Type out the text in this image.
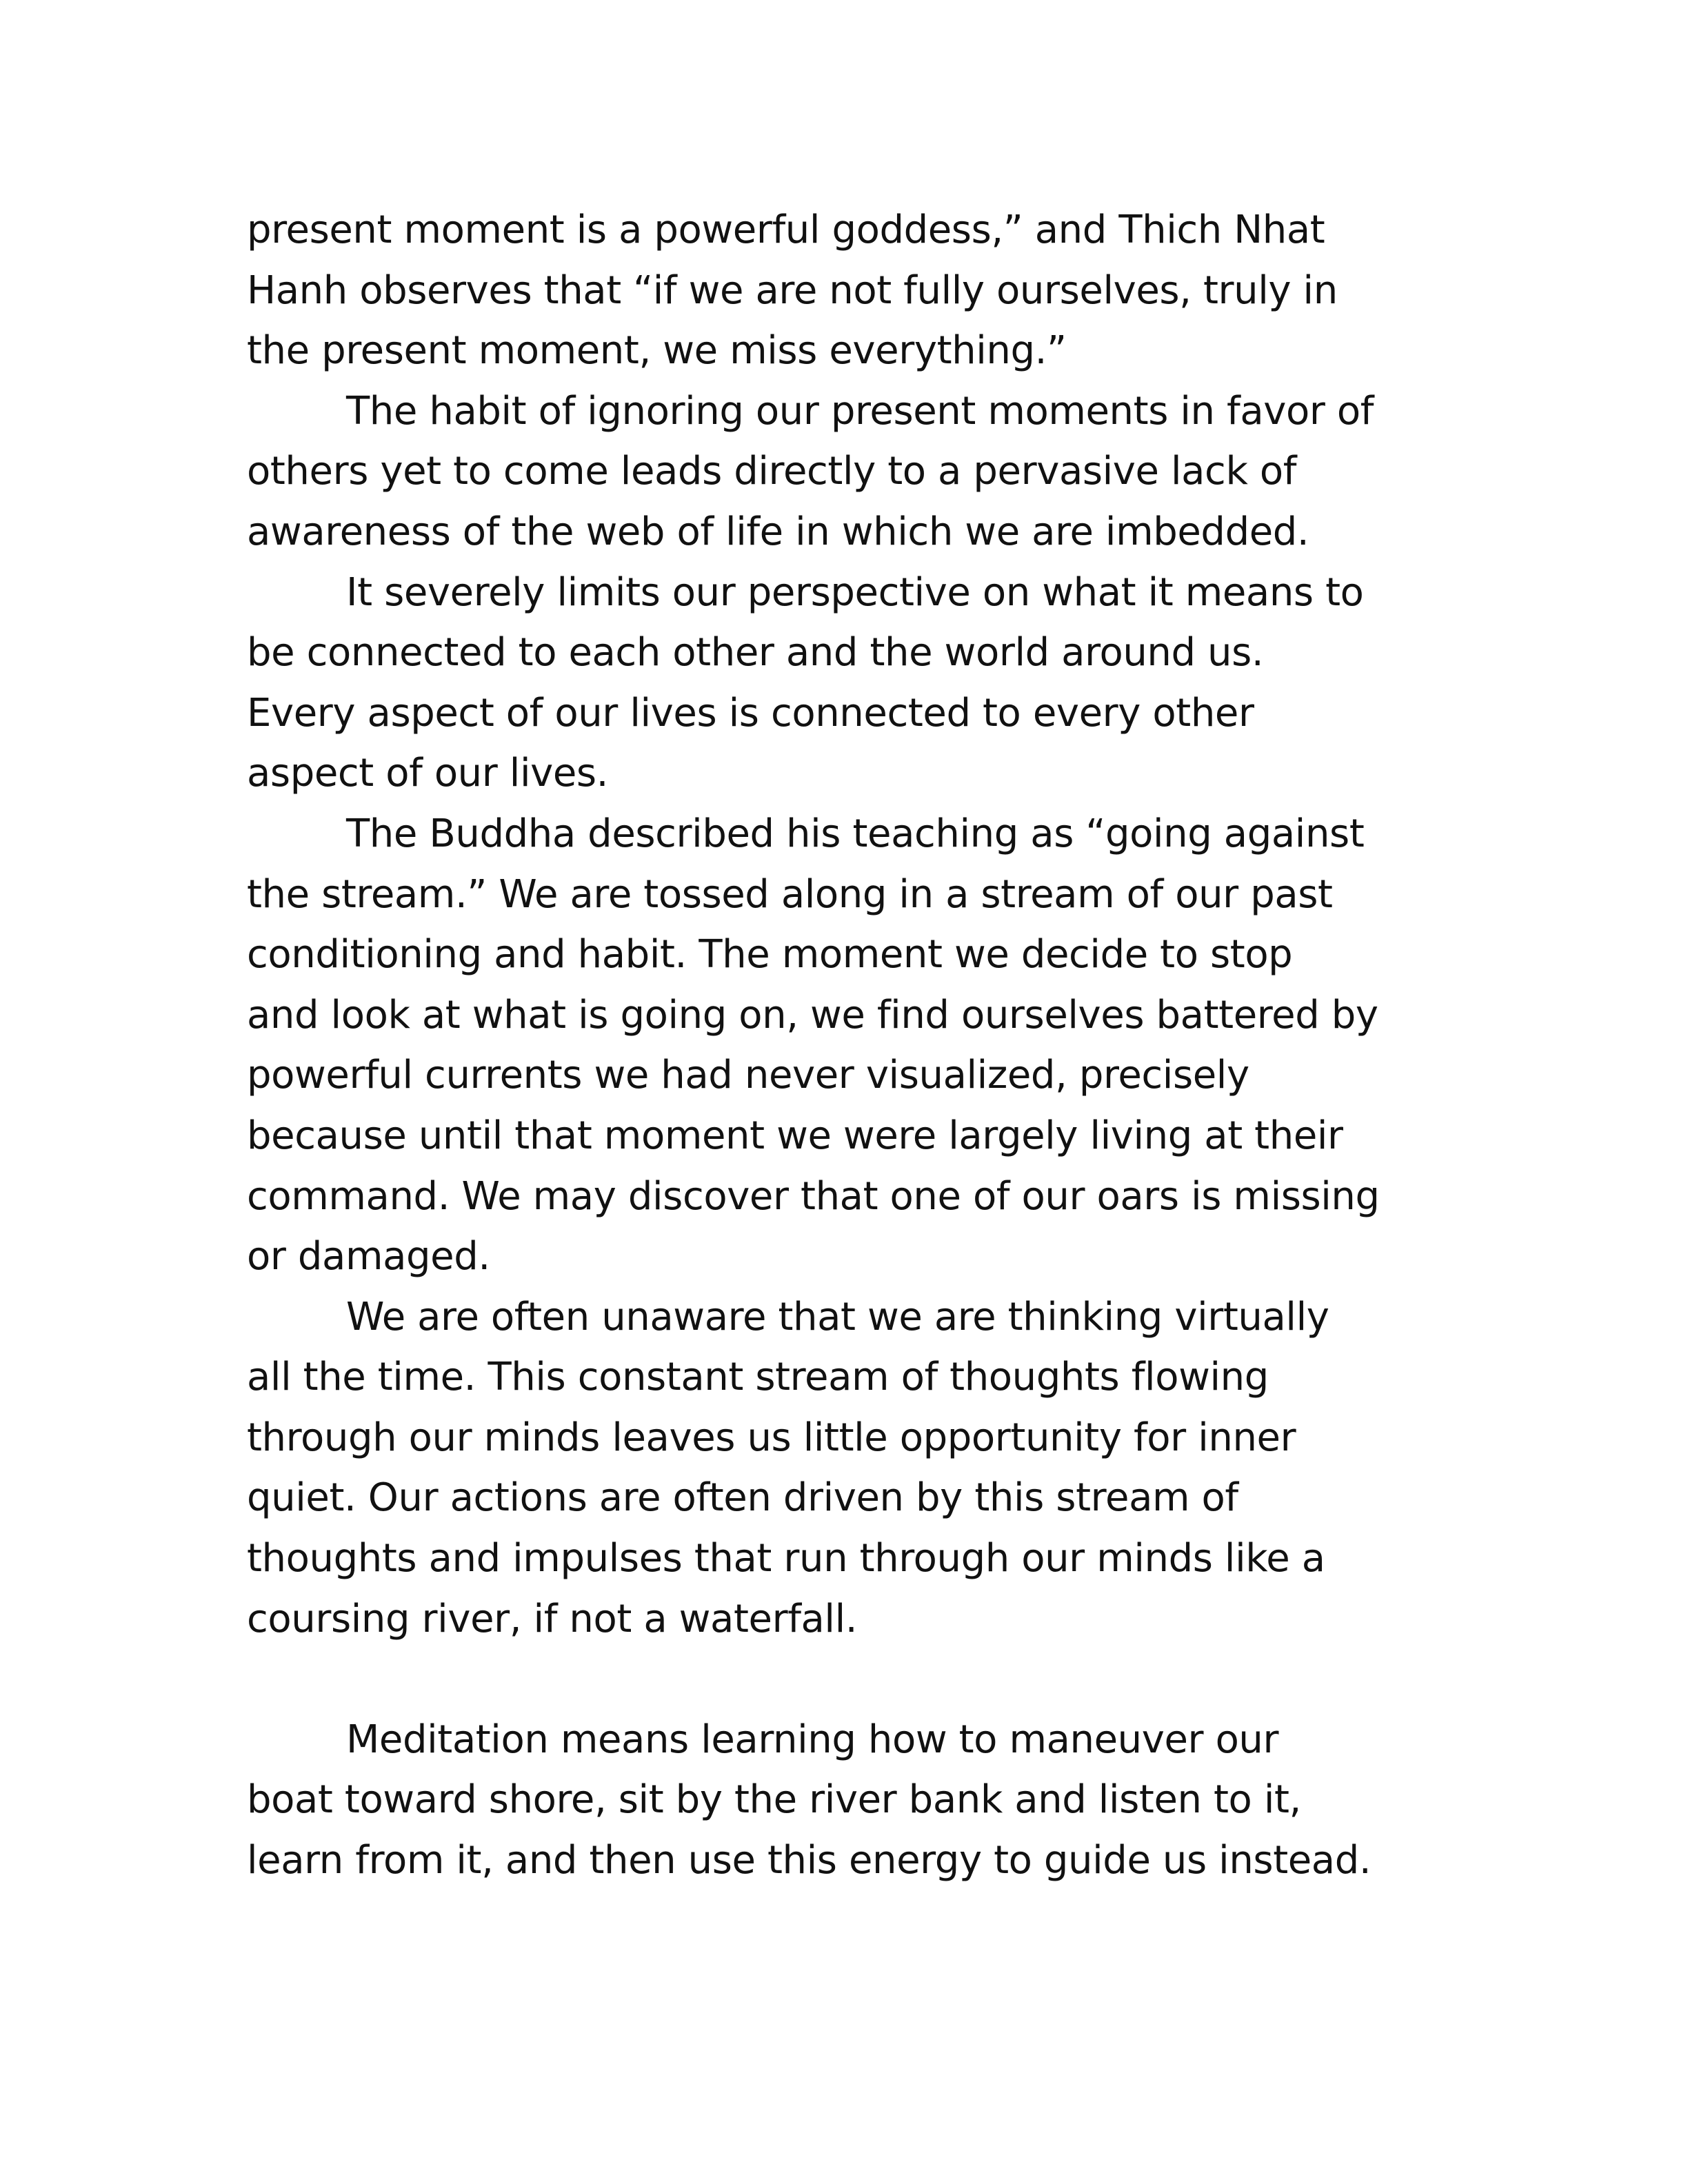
present moment is a powerful goddess,” and Thich Nhat
Hanh observes that “if we are not fully ourselves, truly in
the present moment, we miss everything.”
The habit of ignoring our present moments in favor of
others yet to come leads directly to a pervasive lack of
awareness of the web of life in which we are imbedded.
It severely limits our perspective on what it means to
be connected to each other and the world around us.
Every aspect of our lives is connected to every other
aspect of our lives.
The Buddha described his teaching as “going against
the stream.” We are tossed along in a stream of our past
conditioning and habit. The moment we decide to stop
and look at what is going on, we find ourselves battered by
powerful currents we had never visualized, precisely
because until that moment we were largely living at their
command. We may discover that one of our oars is missing
or damaged.
We are often unaware that we are thinking virtually
all the time. This constant stream of thoughts flowing
through our minds leaves us little opportunity for inner
quiet. Our actions are often driven by this stream of
thoughts and impulses that run through our minds like a
coursing river, if not a waterfall.
Meditation means learning how to maneuver our
boat toward shore, sit by the river bank and listen to it,
learn from it, and then use this energy to guide us instead.
